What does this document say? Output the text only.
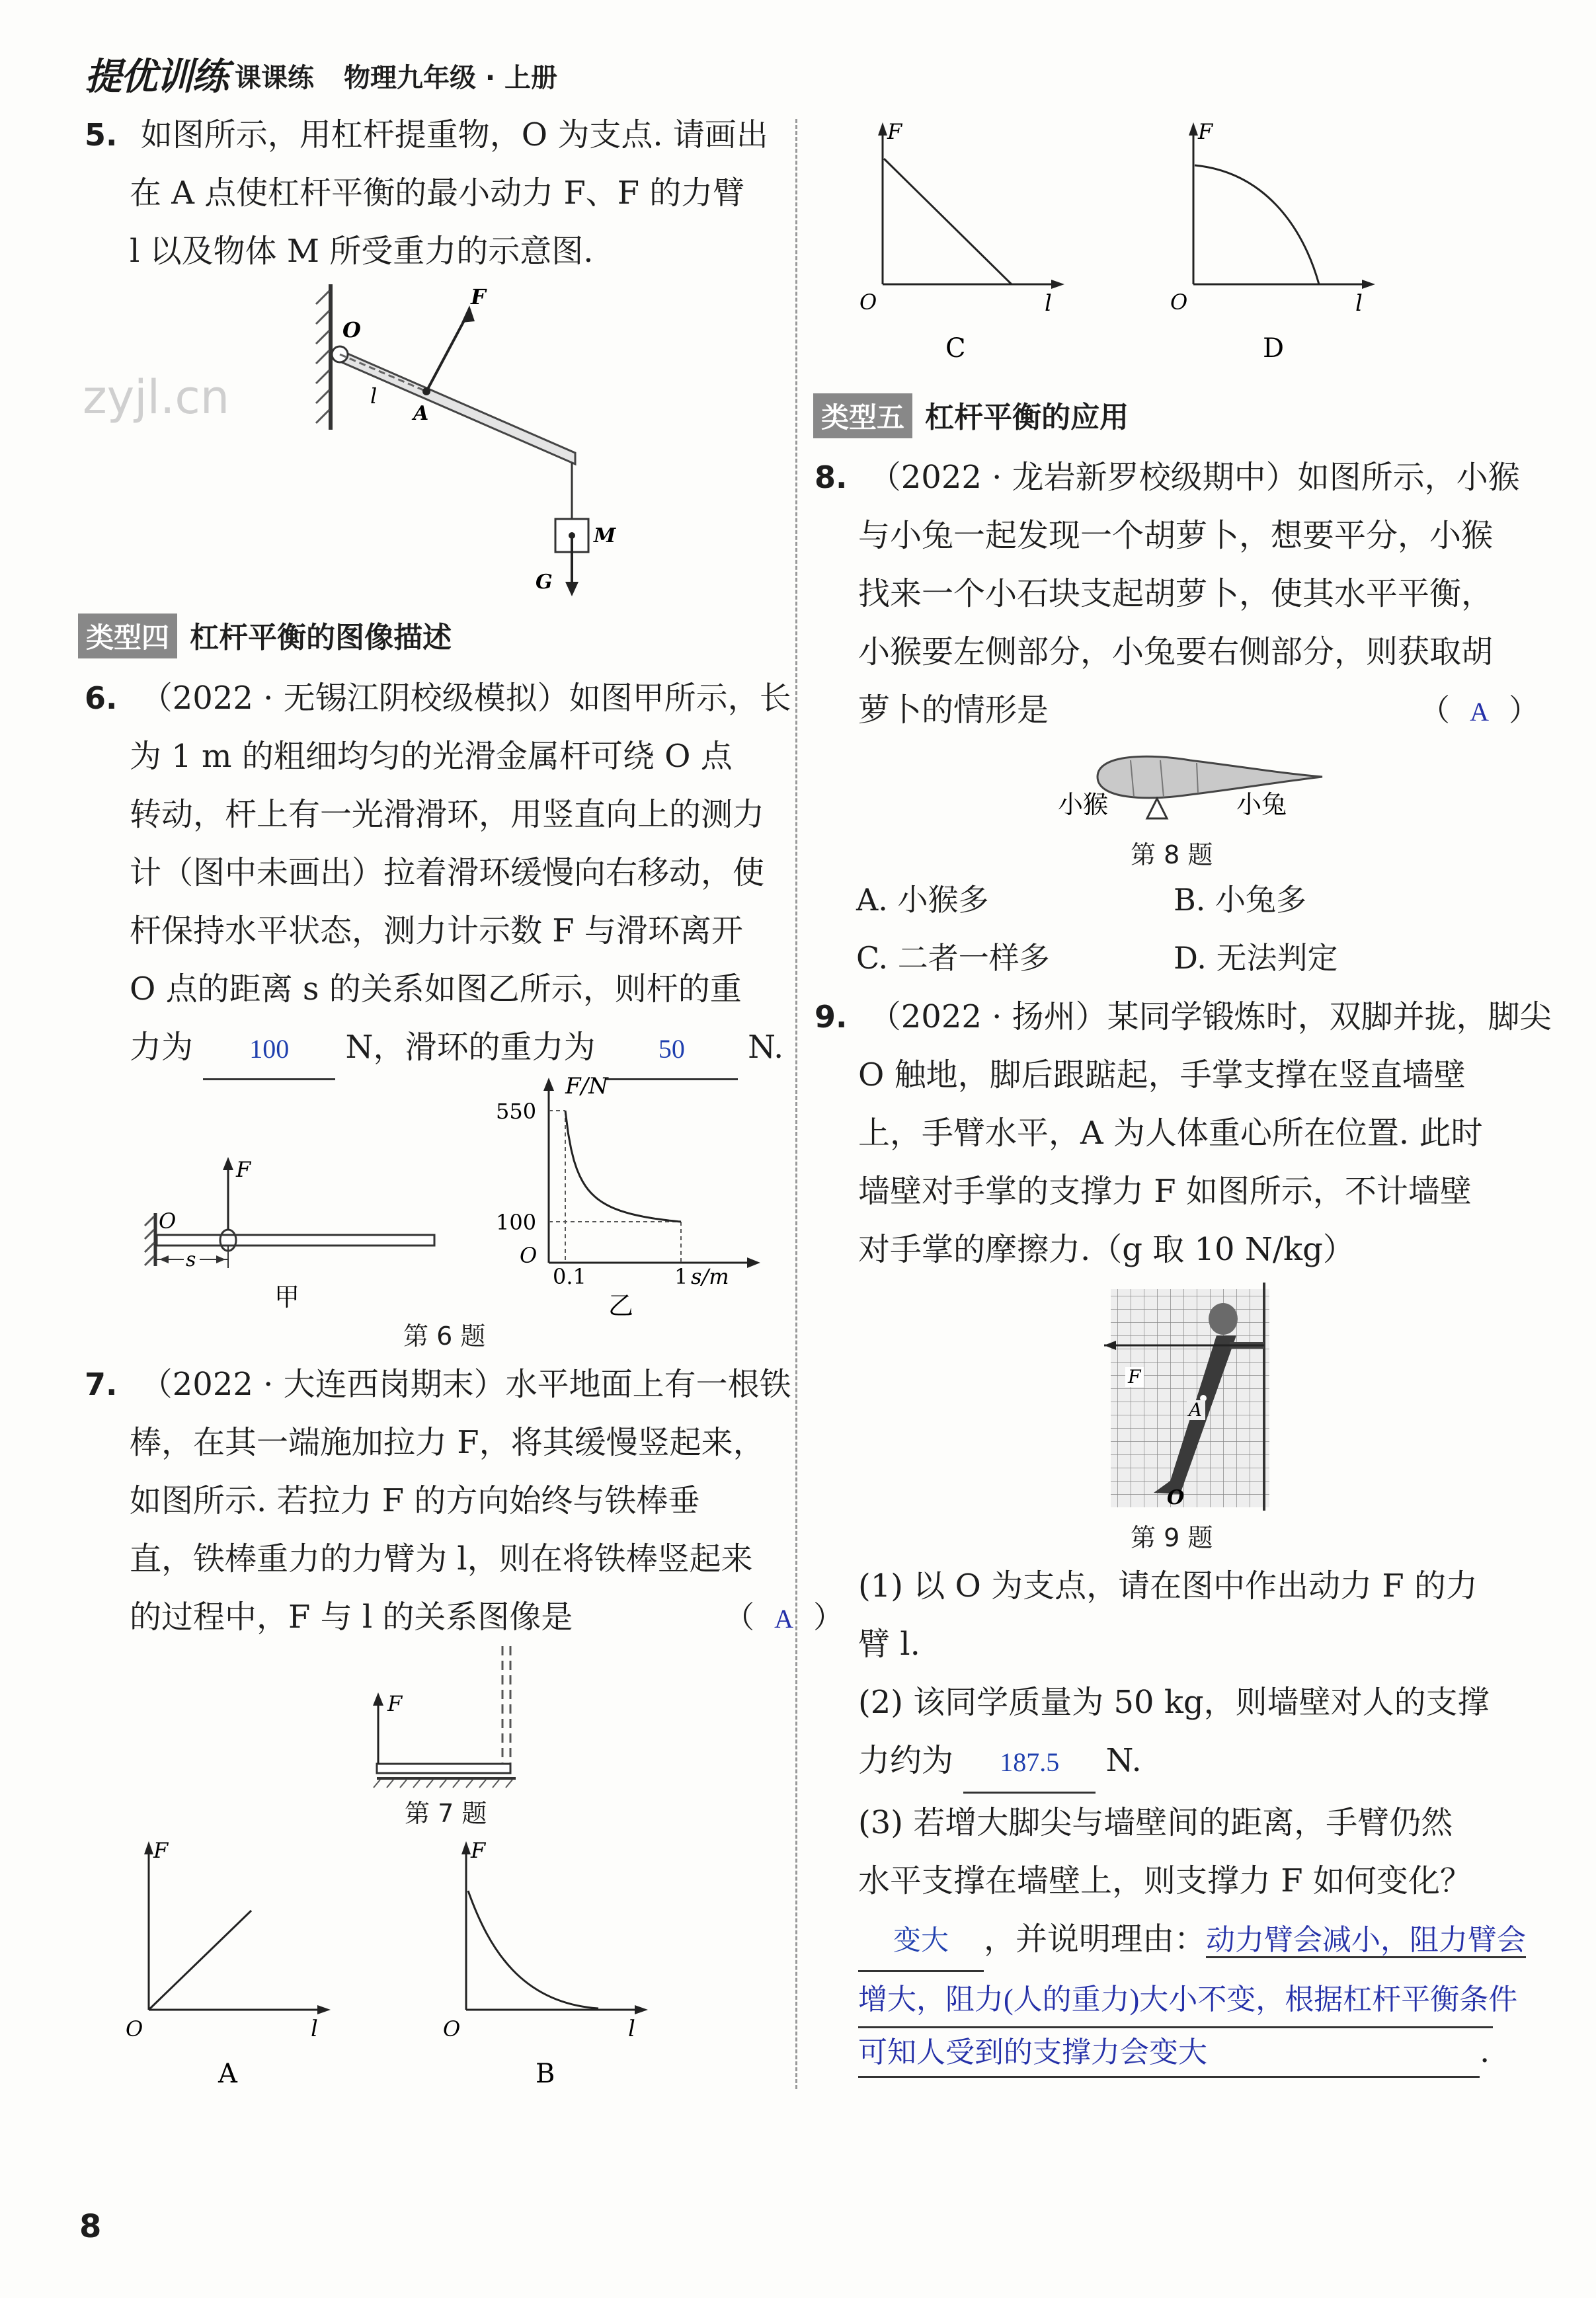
提优训练 课课练 物理九年级 · 上册
zyjl.cn
5. 如图所示，用杠杆提重物，O 为支点. 请画出
在 A 点使杠杆平衡的最小动力 F、F 的力臂
l 以及物体 M 所受重力的示意图.
O
F
l
A
M
G
类型四 杠杆平衡的图像描述
6. （2022 · 无锡江阴校级模拟）如图甲所示，长
为 1 m 的粗细均匀的光滑金属杆可绕 O 点
转动，杆上有一光滑滑环，用竖直向上的测力
计（图中未画出）拉着滑环缓慢向右移动，使
杆保持水平状态，测力计示数 F 与滑环离开
O 点的距离 s 的关系如图乙所示，则杆的重
力为 100 N，滑环的重力为 50 N.
F
O
s
甲
F/N
550
100
O
0.1	1 s/m
乙
第 6 题
7. （2022 · 大连西岗期末）水平地面上有一根铁
棒，在其一端施加拉力 F，将其缓慢竖起来，
如图所示. 若拉力 F 的方向始终与铁棒垂
直，铁棒重力的力臂为 l，则在将铁棒竖起来
的过程中，F 与 l 的关系图像是	（ A ）
F
第 7 题
F
O	l
A
F
O	l
B
8
F
O	l
C
F
O	l
D
类型五 杠杆平衡的应用
8. （2022 · 龙岩新罗校级期中）如图所示，小猴
与小兔一起发现一个胡萝卜，想要平分，小猴
找来一个小石块支起胡萝卜，使其水平平衡，
小猴要左侧部分，小兔要右侧部分，则获取胡
萝卜的情形是	（ A ）
小猴	小兔
第 8 题
A. 小猴多	B. 小兔多
C. 二者一样多	D. 无法判定
9. （2022 · 扬州）某同学锻炼时，双脚并拢，脚尖
O 触地，脚后跟踮起，手掌支撑在竖直墙壁
上，手臂水平，A 为人体重心所在位置. 此时
墙壁对手掌的支撑力 F 如图所示，不计墙壁
对手掌的摩擦力.（g 取 10 N/kg）
F
A
O
第 9 题
(1) 以 O 为支点，请在图中作出动力 F 的力
臂 l.
(2) 该同学质量为 50 kg，则墙壁对人的支撑
力约为 187.5 N.
(3) 若增大脚尖与墙壁间的距离，手臂仍然
水平支撑在墙壁上，则支撑力 F 如何变化？
变大 ，并说明理由：动力臂会减小，阻力臂会
增大，阻力(人的重力)大小不变，根据杠杆平衡条件
可知人受到的支撑力会变大	.
